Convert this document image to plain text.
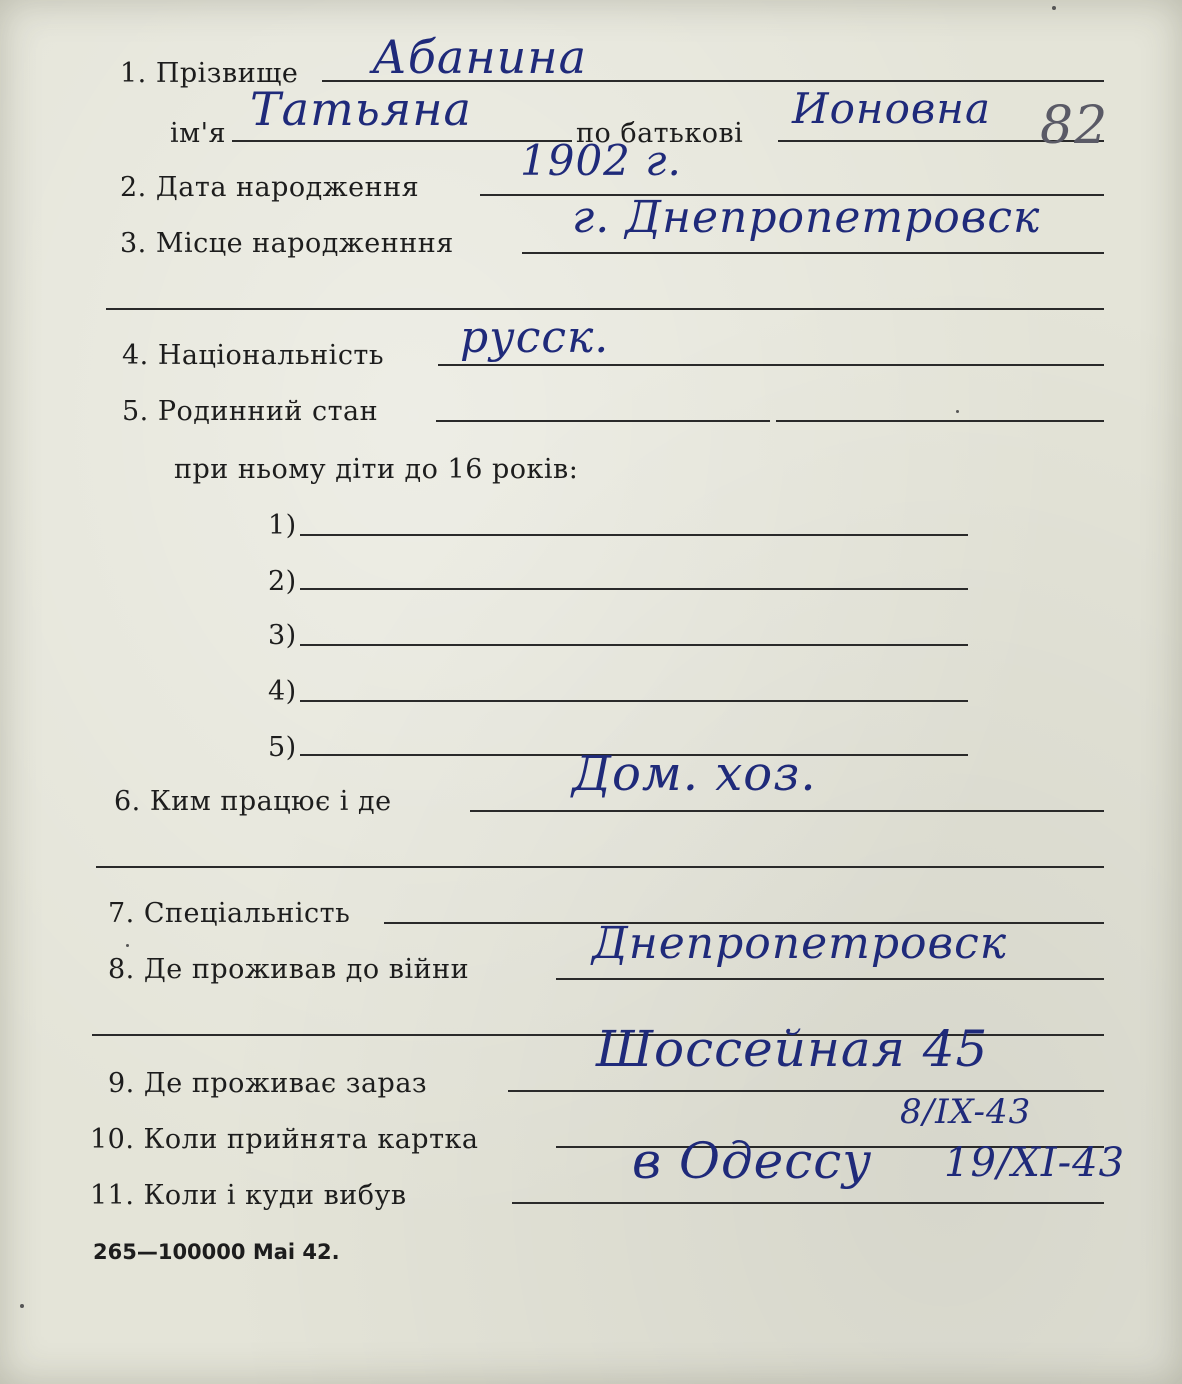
1. Прізвище Абанина
ім'я Татьяна	по батькові
Ионовна 82
2. Дата народження
1902 г.
3. Місце народженння
г. Днепропетровск
4. Національність русск.
5. Родинний стан
при ньому діти до 16 років:
1)
2)
3)
4)
5)
6. Ким працює і де	Дом. хоз.
7. Спеціальність
8. Де проживав до війни
Днепропетровск
9. Де проживає зараз
Шоссейная 45
10. Коли прийнята картка
8/IX-43
11. Коли і куди вибув
в Одессу 19/XI-43
265—100000 Mai 42.
